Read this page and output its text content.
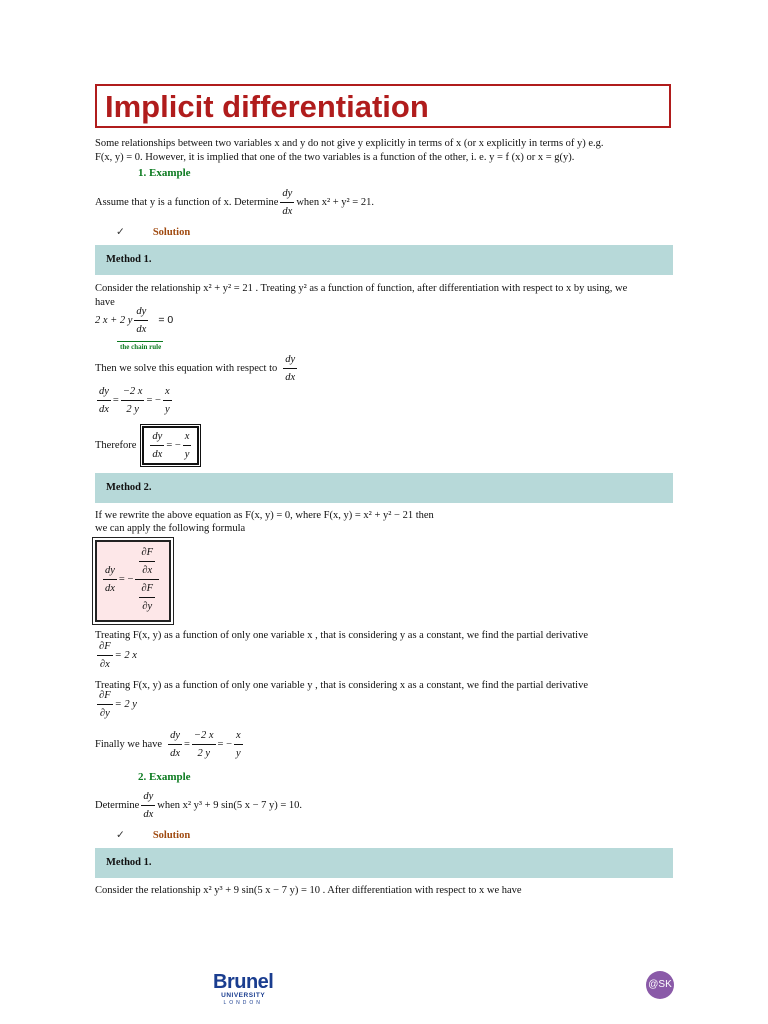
Implicit differentiation
Some relationships between two variables x and y do not give y explicitly in terms of x (or x explicitly in terms of y) e.g.
F(x, y) = 0. However, it is implied that one of the two variables is a function of the other, i. e. y = f (x) or x = g(y).
1. Example
Assume that y is a function of x. Determine $\frac{dy}{dx}$ when x² + y² = 21.
✓	Solution
Method 1.
Consider the relationship x² + y² = 21 . Treating y² as a function of function, after differentiation with respect to x by using, we
have
2 x + 2 y $\frac{dy}{dx} = 0$
the chain rule
Then we solve this equation with respect to $\frac{dy}{dx}$
$\frac{dy}{dx} = \frac{-2 x}{2 y}$ = − $\frac{x}{y}$
Therefore $\frac{dy}{dx}$ = − $\frac{x}{y}$
Method 2.
If we rewrite the above equation as F(x, y) = 0, where F(x, y) = x² + y² − 21 then
we can apply the following formula
$\frac{dy}{dx}$ = − $\frac{\frac{\partial F}{\partial x}}{\frac{\partial F}{\partial y}}$
Treating F(x, y) as a function of only one variable x , that is considering y as a constant, we find the partial derivative
$\frac{\partial F}{\partial x} = 2$ x
Treating F(x, y) as a function of only one variable y , that is considering x as a constant, we find the partial derivative
$\frac{\partial F}{\partial y} = 2$ y
Finally we have $\frac{dy}{dx} = \frac{-2 x}{2 y}$ = − $\frac{x}{y}$
2. Example
Determine $\frac{dy}{dx}$ when x² y³ + 9 sin(5 x − 7 y) = 10.
✓	Solution
Method 1.
Consider the relationship x² y³ + 9 sin(5 x − 7 y) = 10 . After differentiation with respect to x we have
Brunel
UNIVERSITY
LONDON
@SK
